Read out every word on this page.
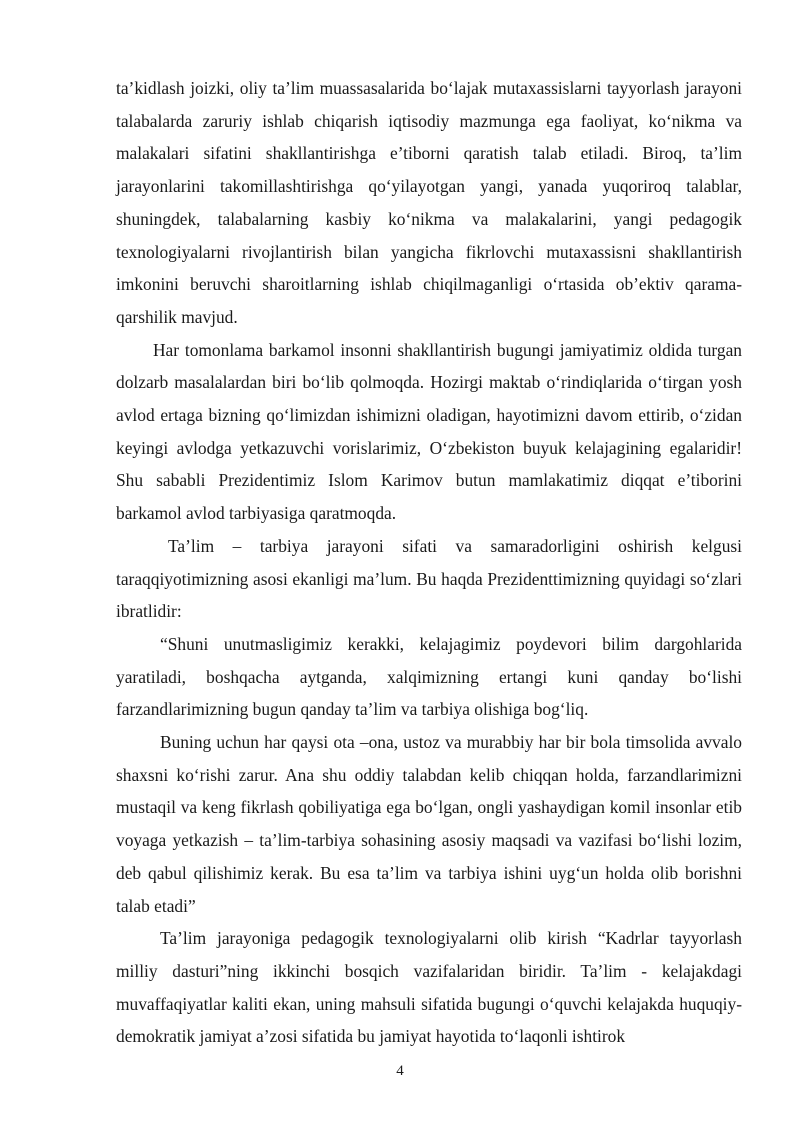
ta’kidlash joizki, oliy ta’lim muassasalarida bo‘lajak mutaxassislarni tayyorlash jarayoni talabalarda zaruriy ishlab chiqarish iqtisodiy mazmunga ega faoliyat, ko‘nikma va malakalari sifatini shakllantirishga e’tiborni qaratish talab etiladi. Biroq, ta’lim jarayonlarini takomillashtirishga qo‘yilayotgan yangi, yanada yuqoriroq talablar, shuningdek, talabalarning kasbiy ko‘nikma va malakalarini, yangi pedagogik texnologiyalarni rivojlantirish bilan yangicha fikrlovchi mutaxassisni shakllantirish imkonini beruvchi sharoitlarning ishlab chiqilmaganligi o‘rtasida ob’ektiv qarama-qarshilik mavjud.

Har tomonlama barkamol insonni shakllantirish bugungi jamiyatimiz oldida turgan dolzarb masalalardan biri bo‘lib qolmoqda. Hozirgi maktab o‘rindiqlarida o‘tirgan yosh avlod ertaga bizning qo‘limizdan ishimizni oladigan, hayotimizni davom ettirib, o‘zidan keyingi avlodga yetkazuvchi vorislarimiz, O‘zbekiston buyuk kelajagining egalaridir! Shu sababli Prezidentimiz Islom Karimov butun mamlakatimiz diqqat e’tiborini barkamol avlod tarbiyasiga qaratmoqda.

Ta’lim – tarbiya jarayoni sifati va samaradorligini oshirish kelgusi taraqqiyotimizning asosi ekanligi ma’lum. Bu haqda Prezidenttimizning quyidagi so‘zlari ibratlidir:

“Shuni unutmasligimiz kerakki, kelajagimiz poydevori bilim dargohlarida yaratiladi, boshqacha aytganda, xalqimizning ertangi kuni qanday bo‘lishi farzandlarimizning bugun qanday ta’lim va tarbiya olishiga bog‘liq.

Buning uchun har qaysi ota –ona, ustoz va murabbiy har bir bola timsolida avvalo shaxsni ko‘rishi zarur. Ana shu oddiy talabdan kelib chiqqan holda, farzandlarimizni mustaqil va keng fikrlash qobiliyatiga ega bo‘lgan, ongli yashaydigan komil insonlar etib voyaga yetkazish – ta’lim-tarbiya sohasining asosiy maqsadi va vazifasi bo‘lishi lozim, deb qabul qilishimiz kerak. Bu esa ta’lim va tarbiya ishini uyg‘un holda olib borishni talab etadi”

Ta’lim jarayoniga pedagogik texnologiyalarni olib kirish “Kadrlar tayyorlash milliy dasturi”ning ikkinchi bosqich vazifalaridan biridir. Ta’lim - kelajakdagi muvaffaqiyatlar kaliti ekan, uning mahsuli sifatida bugungi o‘quvchi kelajakda huquqiy-demokratik jamiyat a’zosi sifatida bu jamiyat hayotida to‘laqonli ishtirok

4
